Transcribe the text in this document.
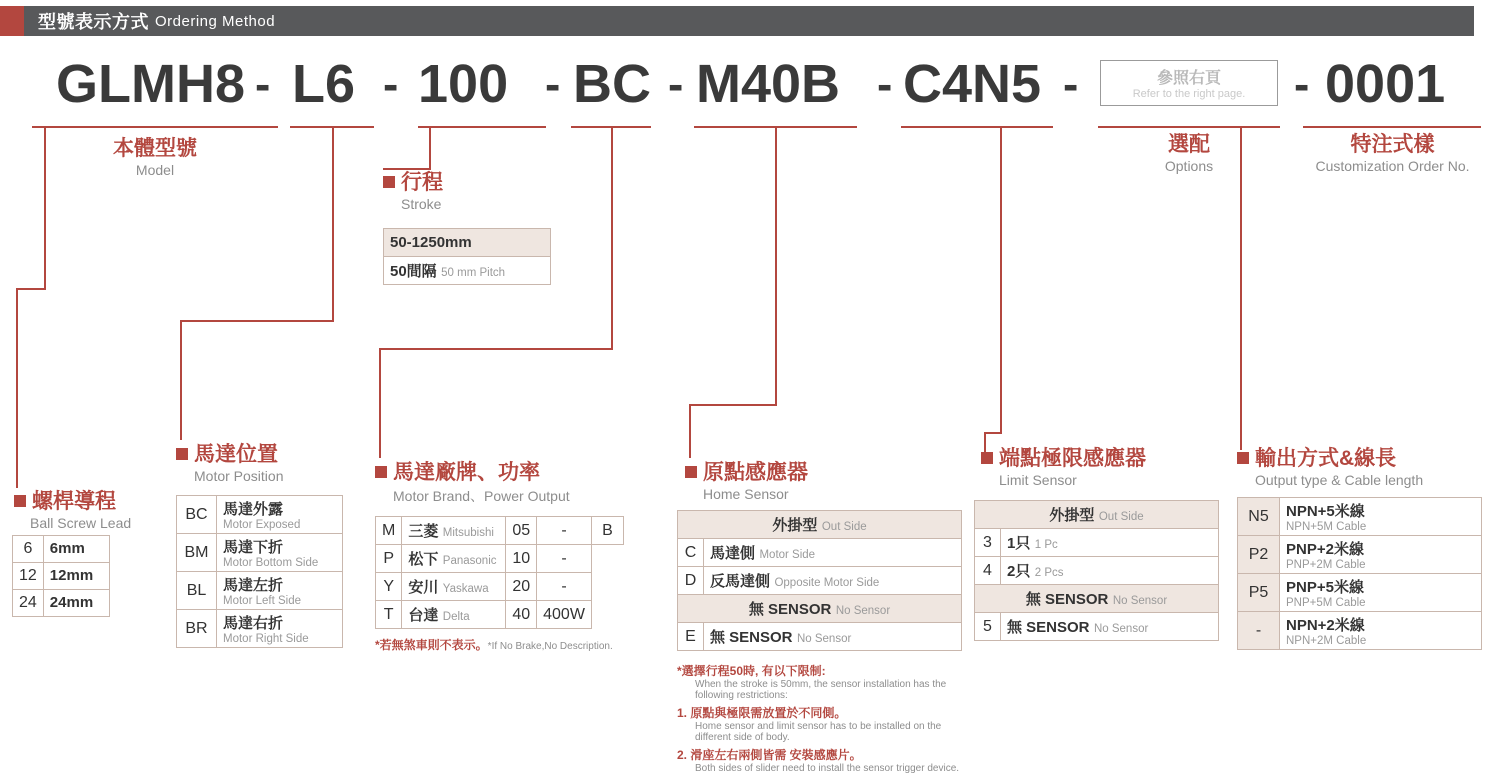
型號表示方式 Ordering Method
GLMH8 - L6 - 100 - BC - M40B - C4N5 -	參照右頁
Refer to the right page.	- 0001
本體型號
Model
選配
Options
特注式樣
Customization Order No.
行程
Stroke
50-1250mm
50間隔 50 mm Pitch
螺桿導程
Ball Screw Lead
6	6mm
12	12mm
24	24mm
馬達位置
Motor Position
BC	馬達外露
Motor Exposed

BM	馬達下折
Motor Bottom Side

BL	馬達左折
Motor Left Side

BR	馬達右折
Motor Right Side
馬達廠牌、功率
Motor Brand、Power Output
M	三菱 Mitsubishi	05	-	B
P	松下 Panasonic	10	-	
Y	安川 Yaskawa	20	-	
T	台達 Delta	40	400W	
*若無煞車則不表示。*If No Brake,No Description.
原點感應器
Home Sensor
外掛型 Out Side	
C	馬達側 Motor Side
D	反馬達側 Opposite Motor Side
無 SENSOR No Sensor	
E	無 SENSOR No Sensor
*選擇行程50時, 有以下限制:
When the stroke is 50mm, the sensor installation has the following restrictions:
1. 原點與極限需放置於不同側。
Home sensor and limit sensor has to be installed on the different side of body.
2. 滑座左右兩側皆需 安裝感應片。
Both sides of slider need to install the sensor trigger device.
端點極限感應器
Limit Sensor
外掛型 Out Side	
3	1只 1 Pc
4	2只 2 Pcs
無 SENSOR No Sensor	
5	無 SENSOR No Sensor
輸出方式&線長
Output type & Cable length
N5	NPN+5米線
NPN+5M Cable

P2	PNP+2米線
PNP+2M Cable

P5	PNP+5米線
PNP+5M Cable

-	NPN+2米線
NPN+2M Cable
